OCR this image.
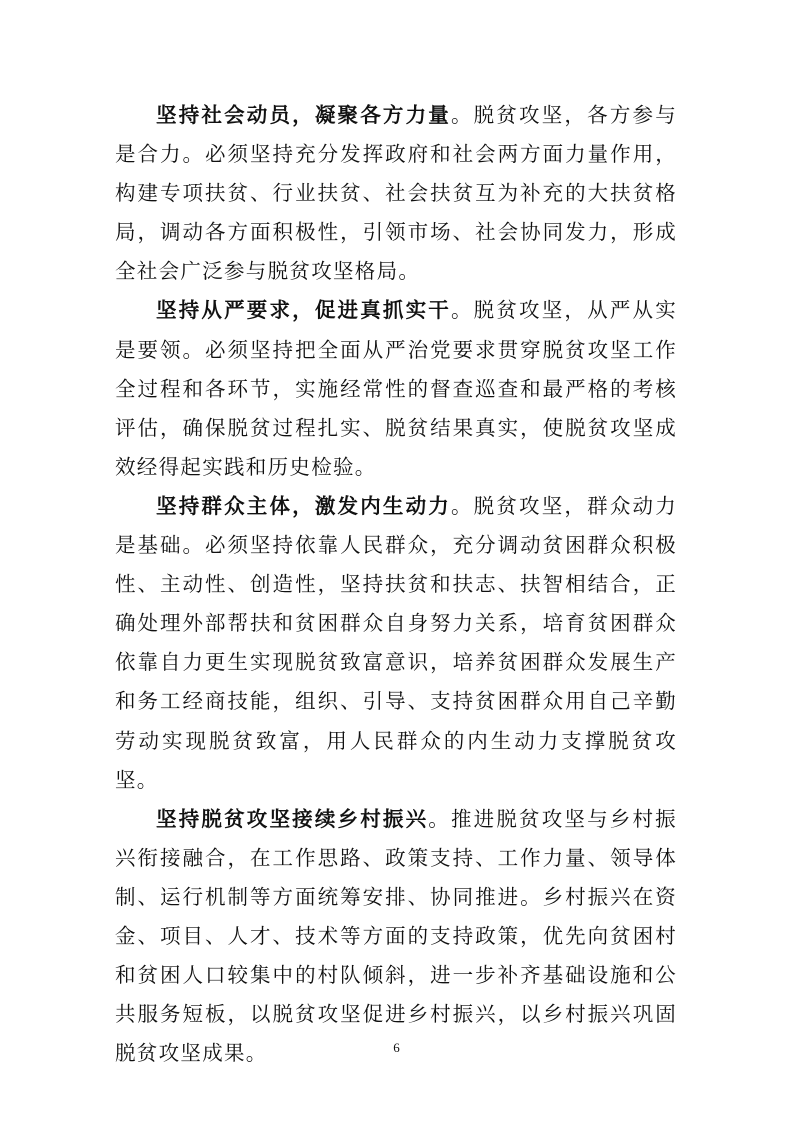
坚持社会动员，凝聚各方力量。脱贫攻坚，各方参与是合力。必须坚持充分发挥政府和社会两方面力量作用，构建专项扶贫、行业扶贫、社会扶贫互为补充的大扶贫格局，调动各方面积极性，引领市场、社会协同发力，形成全社会广泛参与脱贫攻坚格局。

坚持从严要求，促进真抓实干。脱贫攻坚，从严从实是要领。必须坚持把全面从严治党要求贯穿脱贫攻坚工作全过程和各环节，实施经常性的督查巡查和最严格的考核评估，确保脱贫过程扎实、脱贫结果真实，使脱贫攻坚成效经得起实践和历史检验。

坚持群众主体，激发内生动力。脱贫攻坚，群众动力是基础。必须坚持依靠人民群众，充分调动贫困群众积极性、主动性、创造性，坚持扶贫和扶志、扶智相结合，正确处理外部帮扶和贫困群众自身努力关系，培育贫困群众依靠自力更生实现脱贫致富意识，培养贫困群众发展生产和务工经商技能，组织、引导、支持贫困群众用自己辛勤劳动实现脱贫致富，用人民群众的内生动力支撑脱贫攻坚。

坚持脱贫攻坚接续乡村振兴。推进脱贫攻坚与乡村振兴衔接融合，在工作思路、政策支持、工作力量、领导体制、运行机制等方面统筹安排、协同推进。乡村振兴在资金、项目、人才、技术等方面的支持政策，优先向贫困村和贫困人口较集中的村队倾斜，进一步补齐基础设施和公共服务短板，以脱贫攻坚促进乡村振兴，以乡村振兴巩固脱贫攻坚成果。	6
